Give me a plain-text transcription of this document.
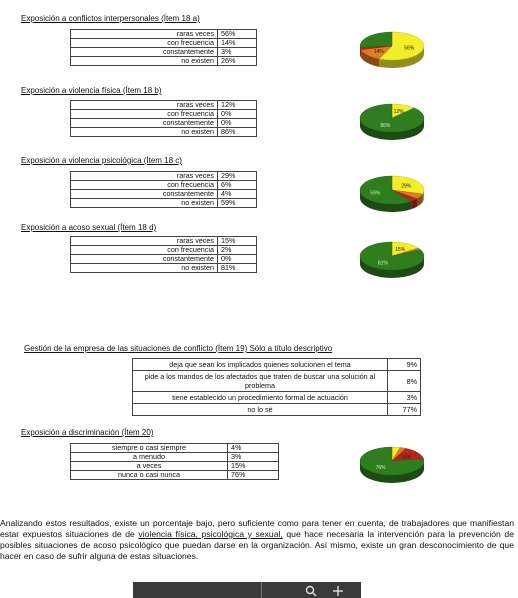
Exposición a conflictos interpersonales (Ítem 18 a)
raras veces	56%
con frecuencia	14%
constantemente	3%
no existen	26%
14%
56%
Exposición a violencia física (Ítem 18 b)
raras veces	12%
con frecuencia	0%
constantemente	0%
no existen	86%
12%
86%
Exposición a violencia psicológica (Ítem 18 c)
raras veces	29%
con frecuencia	6%
constantemente	4%
no existen	59%
29%
59%
Exposición a acoso sexual (Ítem 18 d)
raras veces	15%
con frecuencia	2%
constantemente	0%
no existen	81%
15%
81%
Gestión de la empresa de las situaciones de conflicto (Ítem 19) Sólo a título descriptivo
deja que sean los implicados quienes solucionen el tema	9%
pide a los mandos de los afectados que traten de buscar una solución al problema	8%
tiene establecido un procedimiento formal de actuación	3%
no lo sé	77%
Exposición a discriminación (Ítem 20)
siempre o casi siempre	4%
a menudo	3%
a veces	15%
nunca o casi nunca	76%
15%
76%
Analizando estos resultados, existe un porcentaje bajo, pero suficiente como para tener en cuenta, de trabajadores que manifiestan estar expuestos situaciones de de violencia física, psicológica y sexual, que hace necesaria la intervención para la prevención de posibles situaciones de acoso psicológico que puedan darse en la organización. Así mismo, existe un gran desconocimiento de que hacer en caso de sufrir alguna de estas situaciones.
